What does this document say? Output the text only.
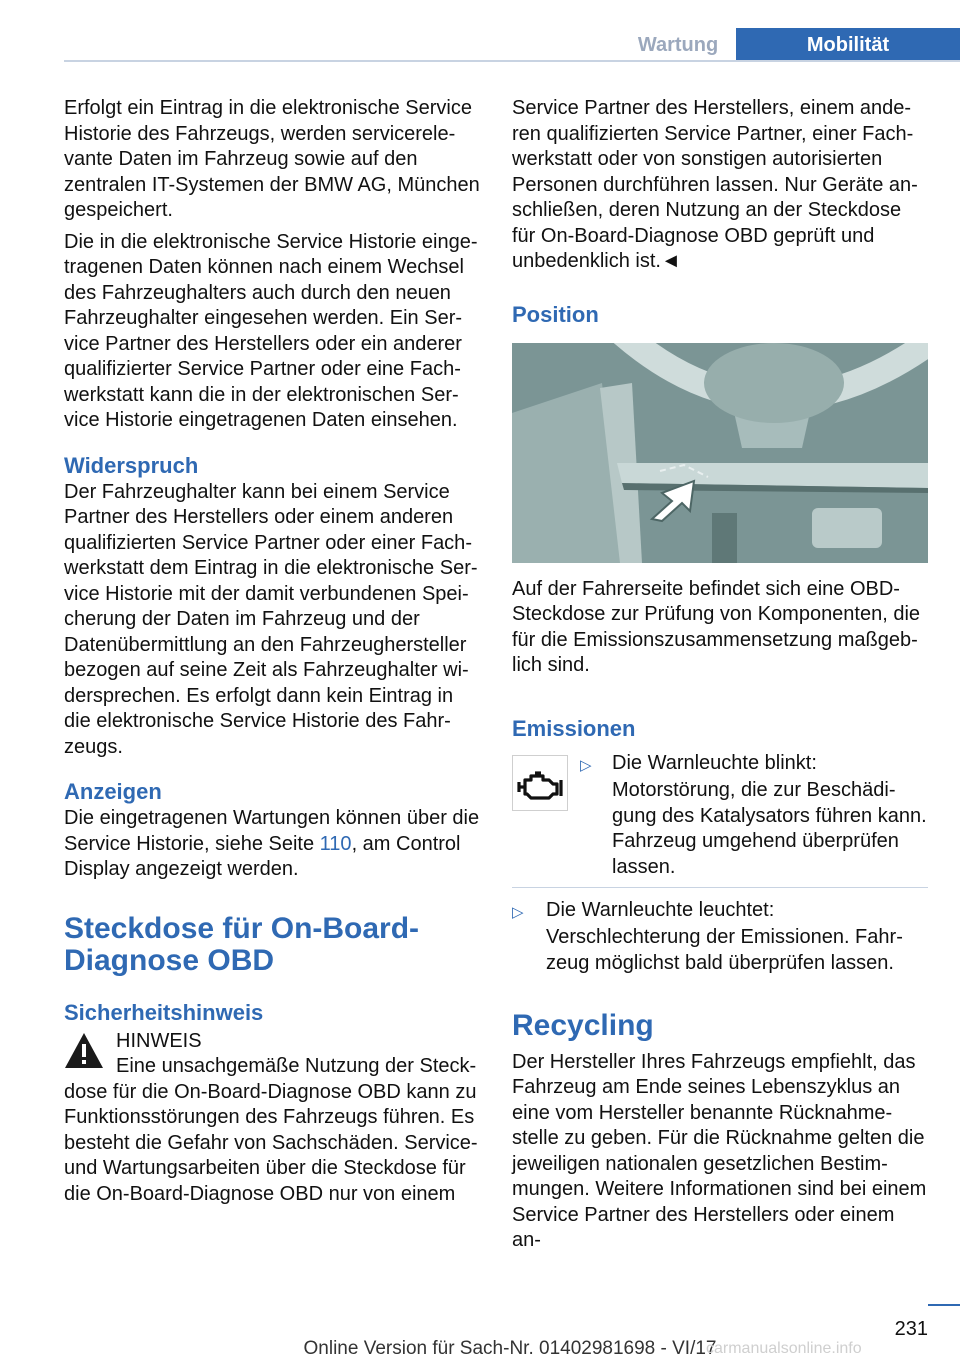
Wartung	Mobilität

Erfolgt ein Eintrag in die elektronische Service Historie des Fahrzeugs, werden servicerelevante Daten im Fahrzeug sowie auf den zentralen IT-Systemen der BMW AG, München gespeichert.

Die in die elektronische Service Historie eingetragenen Daten können nach einem Wechsel des Fahrzeughalters auch durch den neuen Fahrzeughalter eingesehen werden. Ein Service Partner des Herstellers oder ein anderer qualifizierter Service Partner oder eine Fachwerkstatt kann die in der elektronischen Service Historie eingetragenen Daten einsehen.

Widerspruch

Der Fahrzeughalter kann bei einem Service Partner des Herstellers oder einem anderen qualifizierten Service Partner oder einer Fachwerkstatt dem Eintrag in die elektronische Service Historie mit der damit verbundenen Speicherung der Daten im Fahrzeug und der Datenübermittlung an den Fahrzeughersteller bezogen auf seine Zeit als Fahrzeughalter widersprechen. Es erfolgt dann kein Eintrag in die elektronische Service Historie des Fahrzeugs.

Anzeigen

Die eingetragenen Wartungen können über die Service Historie, siehe Seite 110, am Control Display angezeigt werden.

Steckdose für On-Board-Diagnose OBD
Sicherheitshinweis
HINWEIS

Eine unsachgemäße Nutzung der Steckdose für die On-Board-Diagnose OBD kann zu Funktionsstörungen des Fahrzeugs führen. Es besteht die Gefahr von Sachschäden. Service- und Wartungsarbeiten über die Steckdose für die On-Board-Diagnose OBD nur von einem

Service Partner des Herstellers, einem anderen qualifizierten Service Partner, einer Fachwerkstatt oder von sonstigen autorisierten Personen durchführen lassen. Nur Geräte anschließen, deren Nutzung an der Steckdose für On-Board-Diagnose OBD geprüft und unbedenklich ist.◄

Position

Auf der Fahrerseite befindet sich eine OBD-Steckdose zur Prüfung von Komponenten, die für die Emissionszusammensetzung maßgeblich sind.

Emissionen
▷ Die Warnleuchte blinkt:
Motorstörung, die zur Beschädigung des Katalysators führen kann. Fahrzeug umgehend überprüfen lassen.
▷ Die Warnleuchte leuchtet:
Verschlechterung der Emissionen. Fahrzeug möglichst bald überprüfen lassen.
Recycling

Der Hersteller Ihres Fahrzeugs empfiehlt, das Fahrzeug am Ende seines Lebenszyklus an eine vom Hersteller benannte Rücknahmestelle zu geben. Für die Rücknahme gelten die jeweiligen nationalen gesetzlichen Bestimmungen. Weitere Informationen sind bei einem Service Partner des Herstellers oder einem an-

231
Online Version für Sach-Nr. 01402981698 - VI/17
carmanualsonline.info
